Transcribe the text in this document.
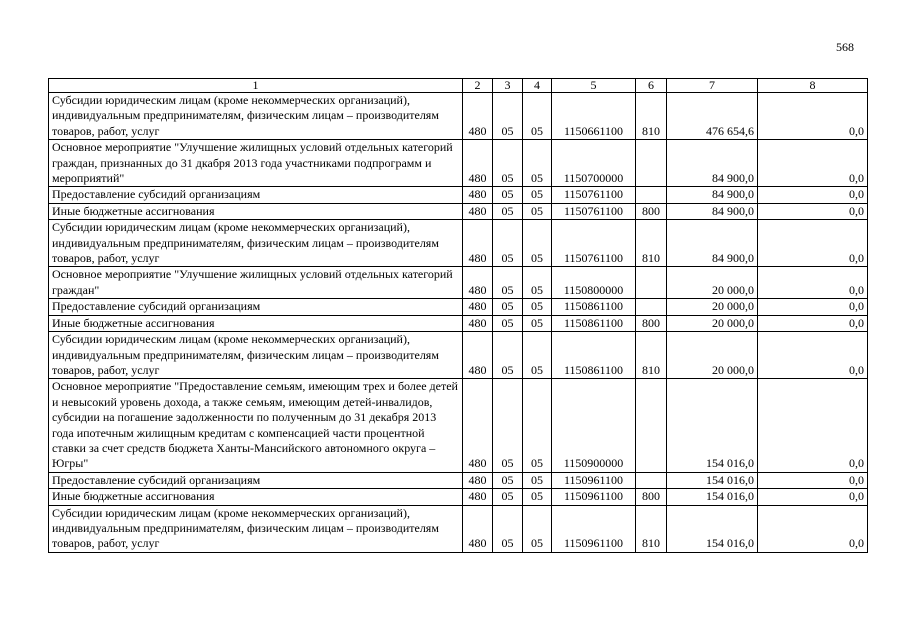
568
1	2	3	4	5	6	7	8
Субсидии юридическим лицам (кроме некоммерческих организаций), индивидуальным предпринимателям, физическим лицам – производителям товаров, работ, услуг	480	05	05	1150661100	810	476 654,6	0,0
Основное мероприятие "Улучшение жилищных условий отдельных категорий граждан, признанных до 31 дкабря 2013 года участниками подпрограмм и мероприятий"	480	05	05	1150700000		84 900,0	0,0
Предоставление субсидий организациям	480	05	05	1150761100		84 900,0	0,0
Иные бюджетные ассигнования	480	05	05	1150761100	800	84 900,0	0,0
Субсидии юридическим лицам (кроме некоммерческих организаций), индивидуальным предпринимателям, физическим лицам – производителям товаров, работ, услуг	480	05	05	1150761100	810	84 900,0	0,0
Основное мероприятие "Улучшение жилищных условий отдельных категорий граждан"	480	05	05	1150800000		20 000,0	0,0
Предоставление субсидий организациям	480	05	05	1150861100		20 000,0	0,0
Иные бюджетные ассигнования	480	05	05	1150861100	800	20 000,0	0,0
Субсидии юридическим лицам (кроме некоммерческих организаций), индивидуальным предпринимателям, физическим лицам – производителям товаров, работ, услуг	480	05	05	1150861100	810	20 000,0	0,0
Основное мероприятие "Предоставление семьям, имеющим трех и более детей и невысокий уровень дохода, а также семьям, имеющим детей-инвалидов, субсидии на погашение задолженности по полученным до 31 декабря 2013 года ипотечным жилищным кредитам с компенсацией части процентной ставки за счет средств бюджета Ханты-Мансийского автономного округа – Югры"	480	05	05	1150900000		154 016,0	0,0
Предоставление субсидий организациям	480	05	05	1150961100		154 016,0	0,0
Иные бюджетные ассигнования	480	05	05	1150961100	800	154 016,0	0,0
Субсидии юридическим лицам (кроме некоммерческих организаций), индивидуальным предпринимателям, физическим лицам – производителям товаров, работ, услуг	480	05	05	1150961100	810	154 016,0	0,0
